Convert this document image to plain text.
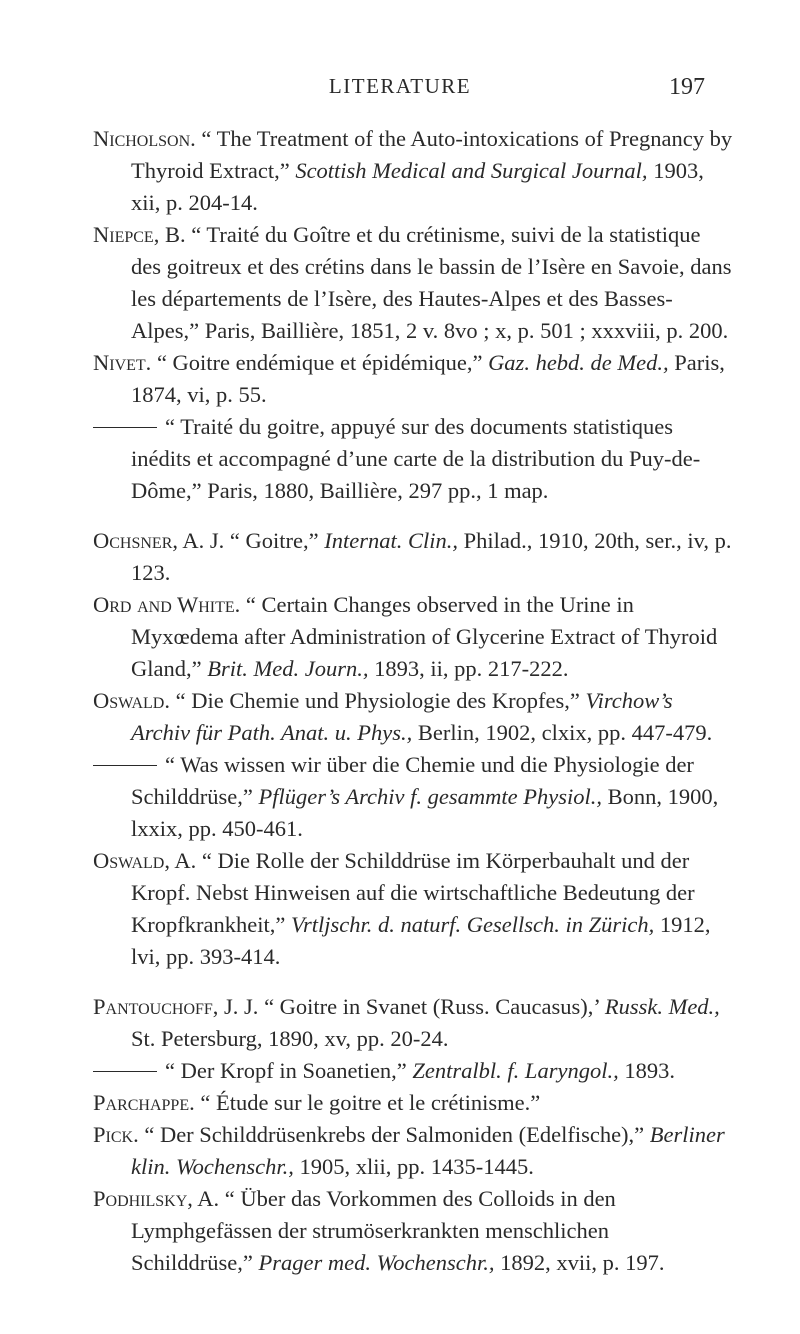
LITERATURE	197

Nicholson. “ The Treatment of the Auto-intoxications of Pregnancy by Thyroid Extract,” Scottish Medical and Surgical Journal, 1903, xii, p. 204-14.

Niepce, B. “ Traité du Goître et du crétinisme, suivi de la statistique des goitreux et des crétins dans le bassin de l’Isère en Savoie, dans les départements de l’Isère, des Hautes-Alpes et des Basses-Alpes,” Paris, Baillière, 1851, 2 v. 8vo ; x, p. 501 ; xxxviii, p. 200.

Nivet. “ Goitre endémique et épidémique,” Gaz. hebd. de Med., Paris, 1874, vi, p. 55.

“ Traité du goitre, appuyé sur des documents statistiques inédits et accompagné d’une carte de la distribution du Puy-de-Dôme,” Paris, 1880, Baillière, 297 pp., 1 map.

Ochsner, A. J. “ Goitre,” Internat. Clin., Philad., 1910, 20th, ser., iv, p. 123.

Ord and White. “ Certain Changes observed in the Urine in Myxœdema after Administration of Glycerine Extract of Thyroid Gland,” Brit. Med. Journ., 1893, ii, pp. 217-222.

Oswald. “ Die Chemie und Physiologie des Kropfes,” Virchow’s Archiv für Path. Anat. u. Phys., Berlin, 1902, clxix, pp. 447-479.

“ Was wissen wir über die Chemie und die Physiologie der Schilddrüse,” Pflüger’s Archiv f. gesammte Physiol., Bonn, 1900, lxxix, pp. 450-461.

Oswald, A. “ Die Rolle der Schilddrüse im Körperbauhalt und der Kropf. Nebst Hinweisen auf die wirtschaftliche Bedeutung der Kropfkrankheit,” Vrtljschr. d. naturf. Gesellsch. in Zürich, 1912, lvi, pp. 393-414.

Pantouchoff, J. J. “ Goitre in Svanet (Russ. Caucasus),’ Russk. Med., St. Petersburg, 1890, xv, pp. 20-24.

“ Der Kropf in Soanetien,” Zentralbl. f. Laryngol., 1893.

Parchappe. “ Étude sur le goitre et le crétinisme.”

Pick. “ Der Schilddrüsenkrebs der Salmoniden (Edelfische),” Berliner klin. Wochenschr., 1905, xlii, pp. 1435-1445.

Podhilsky, A. “ Über das Vorkommen des Colloids in den Lymphgefässen der strumöserkrankten menschlichen Schilddrüse,” Prager med. Wochenschr., 1892, xvii, p. 197.
